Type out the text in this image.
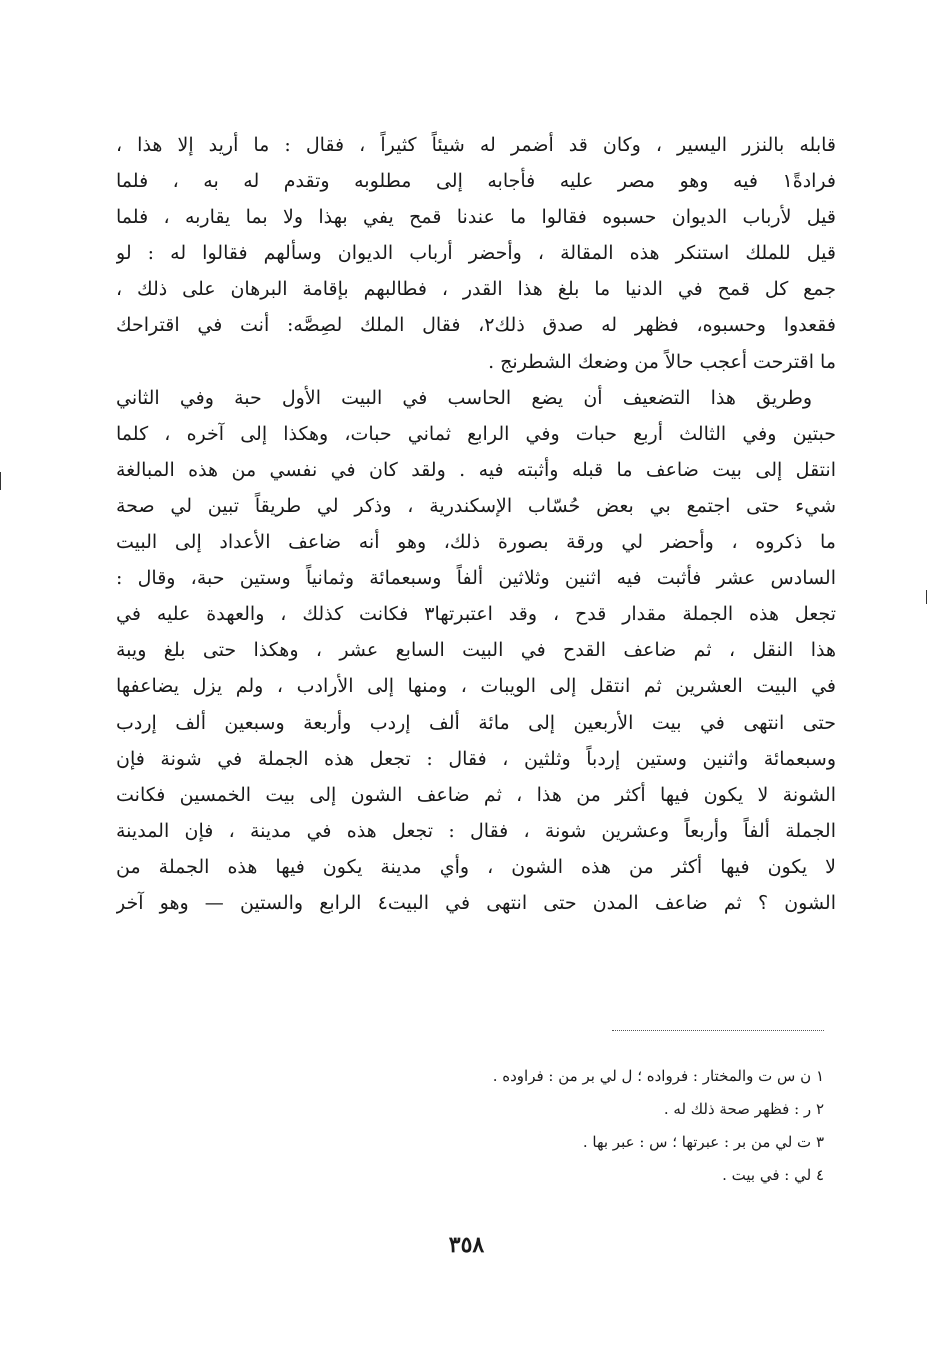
قابله بالنزر اليسير ، وكان قد أضمر له شيئاً كثيراً ، فقال : ما أريد إلا هذا ،
فرادةً١ فيه وهو مصر عليه فأجابه إلى مطلوبه وتقدم له به ، فلما
قيل لأرباب الديوان حسبوه فقالوا ما عندنا قمح يفي بهذا ولا بما يقاربه ، فلما
قيل للملك استنكر هذه المقالة ، وأحضر أرباب الديوان وسألهم فقالوا له : لو
جمع كل قمح في الدنيا ما بلغ هذا القدر ، فطالبهم بإقامة البرهان على ذلك ،
فقعدوا وحسبوه، فظهر له صدق ذلك٢، فقال الملك لصِصَّه: أنت في اقتراحك
ما اقترحت أعجب حالاً من وضعك الشطرنج .
وطريق هذا التضعيف أن يضع الحاسب في البيت الأول حبة وفي الثاني
حبتين وفي الثالث أربع حبات وفي الرابع ثماني حبات، وهكذا إلى آخره ، كلما
انتقل إلى بيت ضاعف ما قبله وأثبته فيه . ولقد كان في نفسي من هذه المبالغة
شيء حتى اجتمع بي بعض حُسّاب الإسكندرية ، وذكر لي طريقاً تبين لي صحة
ما ذكروه ، وأحضر لي ورقة بصورة ذلك، وهو أنه ضاعف الأعداد إلى البيت
السادس عشر فأثبت فيه اثنين وثلاثين ألفاً وسبعمائة وثمانياً وستين حبة، وقال :
تجعل هذه الجملة مقدار قدح ، وقد اعتبرتها٣ فكانت كذلك ، والعهدة عليه في
هذا النقل ، ثم ضاعف القدح في البيت السابع عشر ، وهكذا حتى بلغ ويبة
في البيت العشرين ثم انتقل إلى الويبات ، ومنها إلى الأرادب ، ولم يزل يضاعفها
حتى انتهى في بيت الأربعين إلى مائة ألف إردب وأربعة وسبعين ألف إردب
وسبعمائة واثنين وستين إردباً وثلثين ، فقال : تجعل هذه الجملة في شونة فإن
الشونة لا يكون فيها أكثر من هذا ، ثم ضاعف الشون إلى بيت الخمسين فكانت
الجملة ألفاً وأربعاً وعشرين شونة ، فقال : تجعل هذه في مدينة ، فإن المدينة
لا يكون فيها أكثر من هذه الشون ، وأي مدينة يكون فيها هذه الجملة من
الشون ؟ ثم ضاعف المدن حتى انتهى في البيت٤ الرابع والستين — وهو آخر
١ ن س ت والمختار : فرواده ؛ ل لي بر من : فراوده .
٢ ر : فظهر صحة ذلك له .
٣ ت لي من بر : عبرتها ؛ س : عبر بها .
٤ لي : في بيت .
٣٥٨
